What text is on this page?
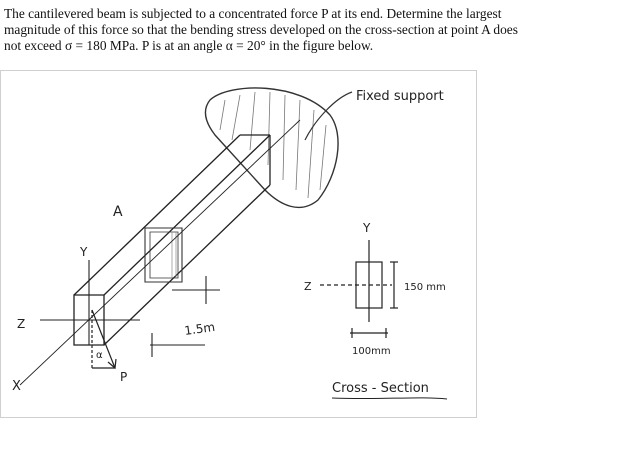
The cantilevered beam is subjected to a concentrated force P at its end. Determine the largest
magnitude of this force so that the bending stress developed on the cross-section at point A does
not exceed σ = 180 MPa. P is at an angle α = 20° in the figure below.
Fixed support
A
Y
Z
X
1.5m
α
P
Y
Z	150 mm
100mm
Cross - Section
